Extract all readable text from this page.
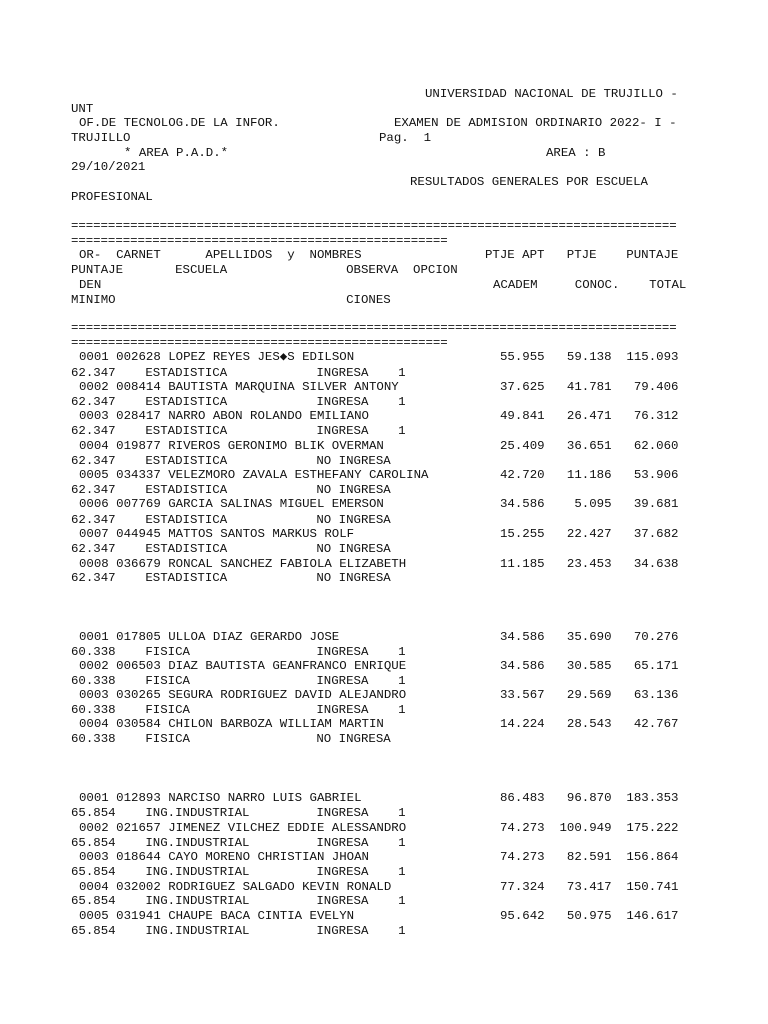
UNIVERSIDAD NACIONAL DE TRUJILLO -
UNT
OF.DE TECNOLOG.DE LA INFOR.	EXAMEN DE ADMISION ORDINARIO 2022- I -
TRUJILLO	Pag.  1
* AREA P.A.D.*	AREA : B
29/10/2021
RESULTADOS GENERALES POR ESCUELA
PROFESIONAL
==================================================================================
===================================================
OR-  CARNET      APELLIDOS  y  NOMBRES	PTJE APT   PTJE    PUNTAJE
PUNTAJE       ESCUELA                OBSERVA  OPCION
DEN	ACADEM     CONOC.    TOTAL
MINIMO                               CIONES
==================================================================================
===================================================
0001 002628 LOPEZ REYES JES◆S EDILSON	55.955   59.138  115.093
62.347    ESTADISTICA            INGRESA    1
0002 008414 BAUTISTA MARQUINA SILVER ANTONY	37.625   41.781   79.406
62.347    ESTADISTICA            INGRESA    1
0003 028417 NARRO ABON ROLANDO EMILIANO	49.841   26.471   76.312
62.347    ESTADISTICA            INGRESA    1
0004 019877 RIVEROS GERONIMO BLIK OVERMAN	25.409   36.651   62.060
62.347    ESTADISTICA            NO INGRESA
0005 034337 VELEZMORO ZAVALA ESTHEFANY CAROLINA	42.720   11.186   53.906
62.347    ESTADISTICA            NO INGRESA
0006 007769 GARCIA SALINAS MIGUEL EMERSON	34.586    5.095   39.681
62.347    ESTADISTICA            NO INGRESA
0007 044945 MATTOS SANTOS MARKUS ROLF	15.255   22.427   37.682
62.347    ESTADISTICA            NO INGRESA
0008 036679 RONCAL SANCHEZ FABIOLA ELIZABETH	11.185   23.453   34.638
62.347    ESTADISTICA            NO INGRESA
0001 017805 ULLOA DIAZ GERARDO JOSE	34.586   35.690   70.276
60.338    FISICA                 INGRESA    1
0002 006503 DIAZ BAUTISTA GEANFRANCO ENRIQUE	34.586   30.585   65.171
60.338    FISICA                 INGRESA    1
0003 030265 SEGURA RODRIGUEZ DAVID ALEJANDRO	33.567   29.569   63.136
60.338    FISICA                 INGRESA    1
0004 030584 CHILON BARBOZA WILLIAM MARTIN	14.224   28.543   42.767
60.338    FISICA                 NO INGRESA
0001 012893 NARCISO NARRO LUIS GABRIEL	86.483   96.870  183.353
65.854    ING.INDUSTRIAL         INGRESA    1
0002 021657 JIMENEZ VILCHEZ EDDIE ALESSANDRO	74.273  100.949  175.222
65.854    ING.INDUSTRIAL         INGRESA    1
0003 018644 CAYO MORENO CHRISTIAN JHOAN	74.273   82.591  156.864
65.854    ING.INDUSTRIAL         INGRESA    1
0004 032002 RODRIGUEZ SALGADO KEVIN RONALD	77.324   73.417  150.741
65.854    ING.INDUSTRIAL         INGRESA    1
0005 031941 CHAUPE BACA CINTIA EVELYN	95.642   50.975  146.617
65.854    ING.INDUSTRIAL         INGRESA    1
